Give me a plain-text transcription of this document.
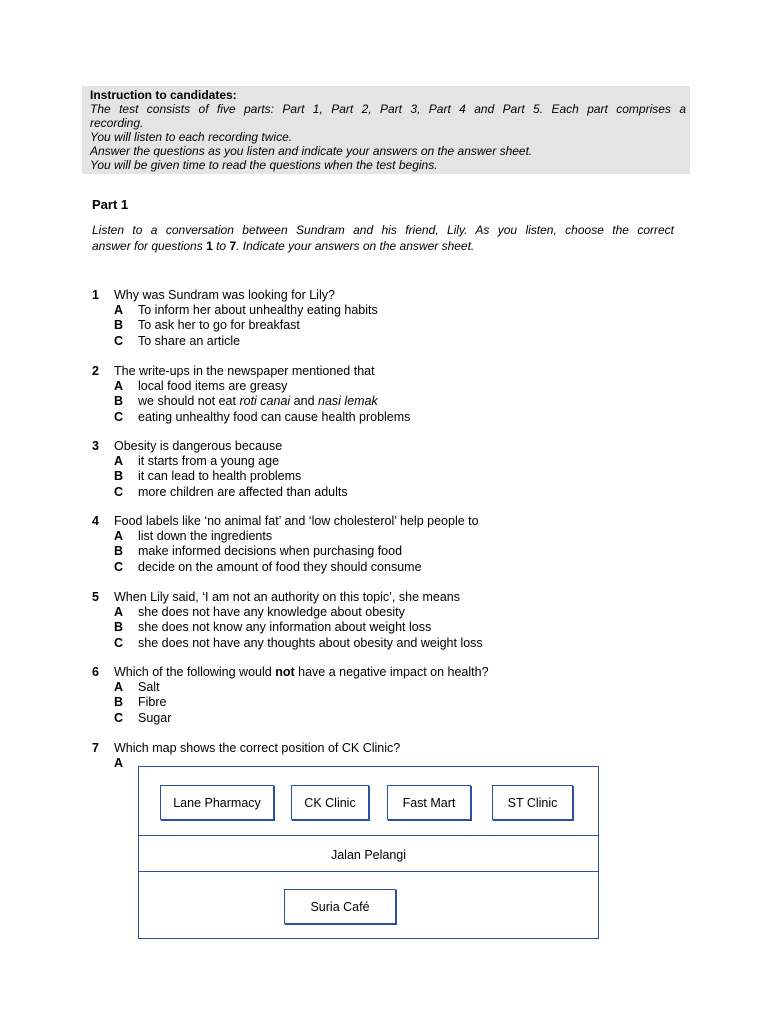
Instruction to candidates:
The test consists of five parts: Part 1, Part 2, Part 3, Part 4 and Part 5. Each part comprises a
recording.
You will listen to each recording twice.
Answer the questions as you listen and indicate your answers on the answer sheet.
You will be given time to read the questions when the test begins.
Part 1
Listen to a conversation between Sundram and his friend, Lily. As you listen, choose the correct
answer for questions 1 to 7. Indicate your answers on the answer sheet.
1	Why was Sundram was looking for Lily?
A	To inform her about unhealthy eating habits
B	To ask her to go for breakfast
C	To share an article
2	The write-ups in the newspaper mentioned that
A	local food items are greasy
B	we should not eat roti canai and nasi lemak
C	eating unhealthy food can cause health problems
3	Obesity is dangerous because
A	it starts from a young age
B	it can lead to health problems
C	more children are affected than adults
4	Food labels like ‘no animal fat’ and ‘low cholesterol’ help people to
A	list down the ingredients
B	make informed decisions when purchasing food
C	decide on the amount of food they should consume
5	When Lily said, ‘I am not an authority on this topic’, she means
A	she does not have any knowledge about obesity
B	she does not know any information about weight loss
C	she does not have any thoughts about obesity and weight loss
6	Which of the following would not have a negative impact on health?
A	Salt
B	Fibre
C	Sugar
7	Which map shows the correct position of CK Clinic?
A
Lane Pharmacy	CK Clinic	Fast Mart	ST Clinic
Jalan Pelangi
Suria Café
